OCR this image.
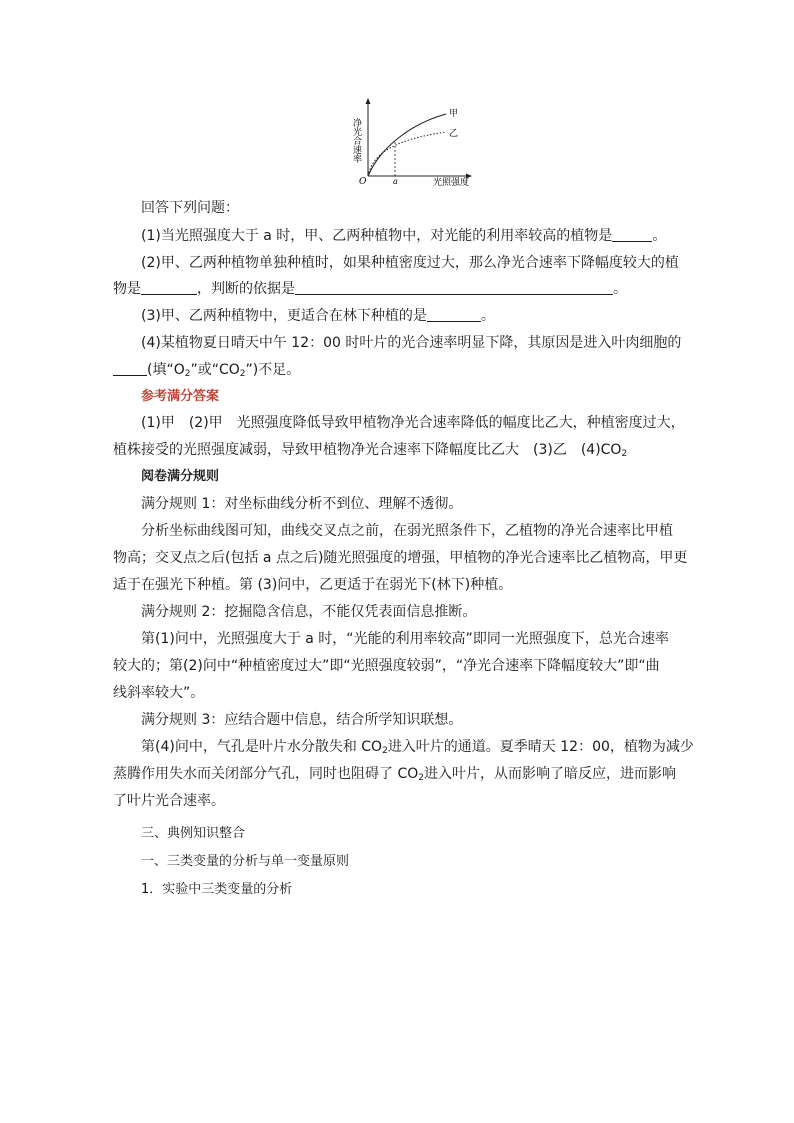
净光合速率
光照强度
O	a
甲
乙
回答下列问题：
(1)当光照强度大于 a 时，甲、乙两种植物中，对光能的利用率较高的植物是	。
(2)甲、乙两种植物单独种植时，如果种植密度过大，那么净光合速率下降幅度较大的植
物是	，判断的依据是	。
(3)甲、乙两种植物中，更适合在林下种植的是	。
(4)某植物夏日晴天中午 12：00 时叶片的光合速率明显下降，其原因是进入叶肉细胞的
(填“$O_2$”或“$CO_2$”)不足。
参考满分答案
(1)甲　(2)甲　光照强度降低导致甲植物净光合速率降低的幅度比乙大，种植密度过大，
植株接受的光照强度减弱，导致甲植物净光合速率下降幅度比乙大　(3)乙　$(4)CO_2$
阅卷满分规则
满分规则 1：对坐标曲线分析不到位、理解不透彻。
分析坐标曲线图可知，曲线交叉点之前，在弱光照条件下，乙植物的净光合速率比甲植
物高；交叉点之后(包括 a 点之后)随光照强度的增强，甲植物的净光合速率比乙植物高，甲更
适于在强光下种植。第 (3)问中，乙更适于在弱光下(林下)种植。
满分规则 2：挖掘隐含信息，不能仅凭表面信息推断。
第(1)问中，光照强度大于 a 时，“光能的利用率较高”即同一光照强度下，总光合速率
较大的；第(2)问中“种植密度过大”即“光照强度较弱”，“净光合速率下降幅度较大”即“曲
线斜率较大”。
满分规则 3：应结合题中信息，结合所学知识联想。
第(4)问中，气孔是叶片水分散失和 $CO_2$进入叶片的通道。夏季晴天 12：00，植物为减少
蒸腾作用失水而关闭部分气孔，同时也阻碍了 $CO_2$进入叶片，从而影响了暗反应，进而影响
了叶片光合速率。
三、典例知识整合
一、三类变量的分析与单一变量原则
1．实验中三类变量的分析
